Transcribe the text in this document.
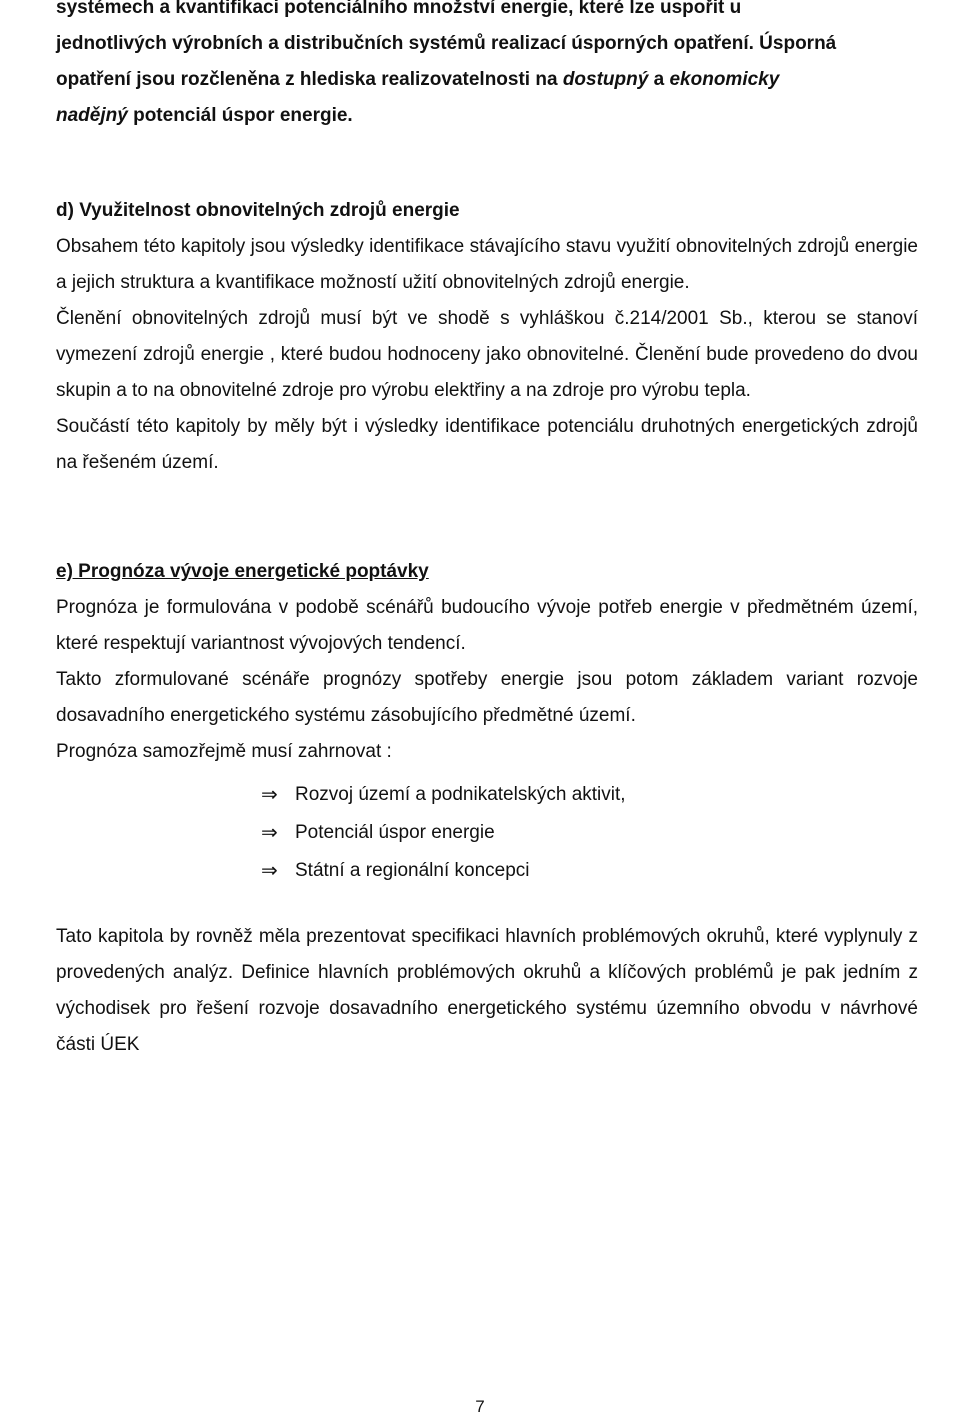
systémech a kvantifikaci potenciálního množství energie, které lze uspořit u

jednotlivých výrobních a distribučních systémů realizací úsporných opatření. Úsporná

opatření jsou rozčleněna z hlediska realizovatelnosti na dostupný a ekonomicky

nadějný potenciál úspor energie.

d) Využitelnost obnovitelných zdrojů energie

Obsahem této kapitoly jsou výsledky identifikace stávajícího stavu využití obnovitelných zdrojů energie a jejich struktura a kvantifikace možností užití obnovitelných zdrojů energie.

Členění obnovitelných zdrojů musí být ve shodě s vyhláškou č.214/2001 Sb., kterou se stanoví vymezení zdrojů energie , které budou hodnoceny jako obnovitelné. Členění bude provedeno do dvou skupin a to na obnovitelné zdroje pro výrobu elektřiny a na zdroje pro výrobu tepla.

Součástí této kapitoly by měly být i výsledky identifikace potenciálu druhotných energetických zdrojů na řešeném území.

e) Prognóza vývoje energetické poptávky

Prognóza je formulována v podobě scénářů budoucího vývoje potřeb energie v předmětném území, které respektují variantnost vývojových tendencí.

Takto zformulované scénáře prognózy spotřeby energie jsou potom základem variant rozvoje dosavadního energetického systému zásobujícího předmětné území.

Prognóza samozřejmě musí zahrnovat :

⇒ Rozvoj území a podnikatelských aktivit,
⇒ Potenciál úspor energie
⇒ Státní a regionální koncepci

Tato kapitola by rovněž měla prezentovat specifikaci hlavních problémových okruhů, které vyplynuly z provedených analýz. Definice hlavních problémových okruhů a klíčových problémů je pak jedním z východisek pro řešení rozvoje dosavadního energetického systému územního obvodu v návrhové části ÚEK

7
